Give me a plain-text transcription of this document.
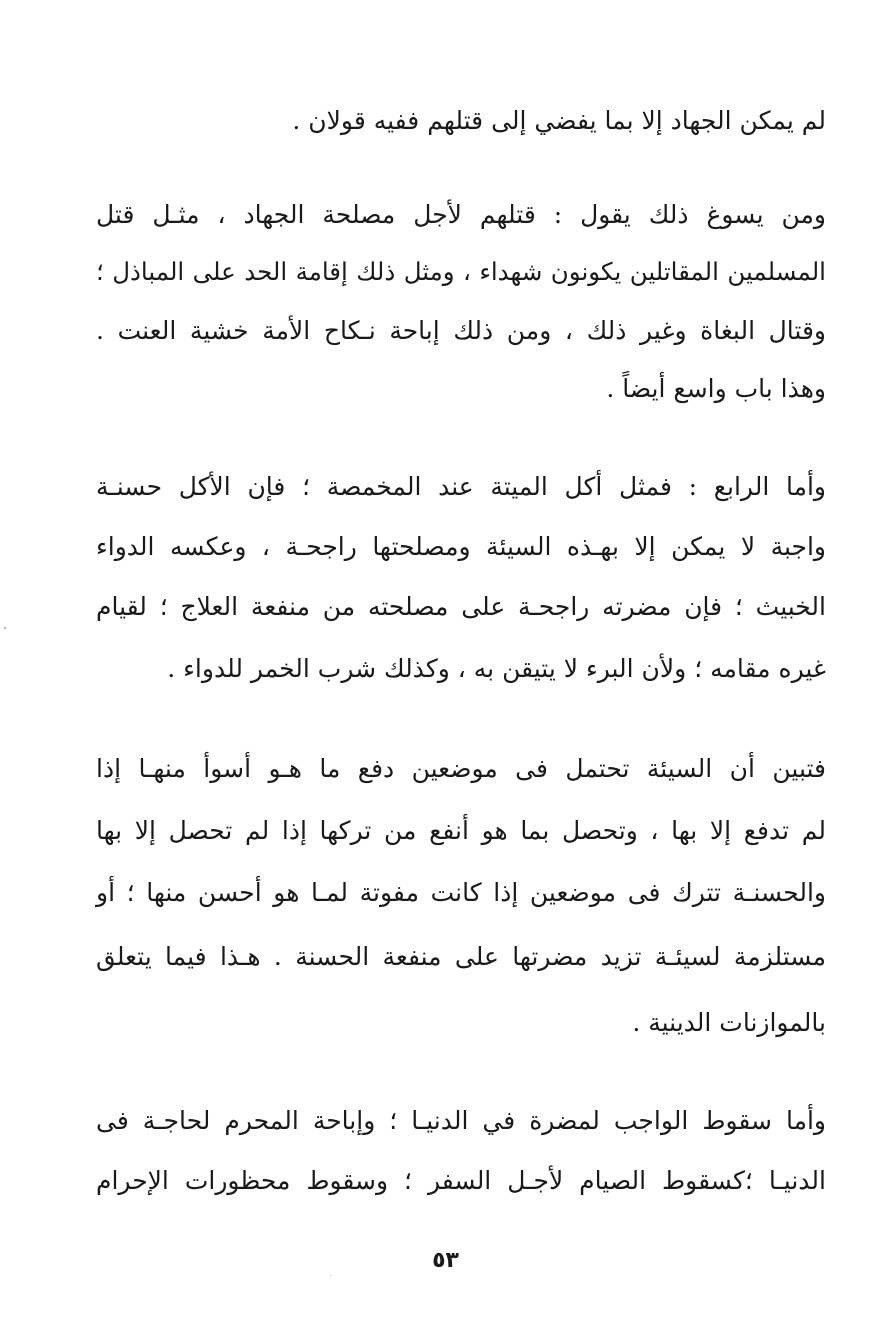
لم يمكن الجهاد إلا بما يفضي إلى قتلهم ففيه قولان .
ومن يسوغ ذلك يقول : قتلهم لأجل مصلحة الجهاد ، مثـل قتل
المسلمين المقاتلين يكونون شهداء ، ومثل ذلك إقامة الحد على المباذل ؛
وقتال البغاة وغير ذلك ، ومن ذلك إباحة نـكاح الأمة خشية العنت .
وهذا باب واسع أيضاً .
وأما الرابع : فمثل أكل الميتة عند المخمصة ؛ فإن الأكل حسنـة
واجبة لا يمكن إلا بهـذه السيئة ومصلحتها راجحـة ، وعكسه الدواء
الخبيث ؛ فإن مضرته راجحـة على مصلحته من منفعة العلاج ؛ لقيام
غيره مقامه ؛ ولأن البرء لا يتيقن به ، وكذلك شرب الخمر للدواء .
فتبين أن السيئة تحتمل فى موضعين دفع ما هـو أسوأ منهـا إذا
لم تدفع إلا بها ، وتحصل بما هو أنفع من تركها إذا لم تحصل إلا بها
والحسنـة تترك فى موضعين إذا كانت مفوتة لمـا هو أحسن منها ؛ أو
مستلزمة لسيئـة تزيد مضرتها على منفعة الحسنة . هـذا فيما يتعلق
بالموازنات الدينية .
وأما سقوط الواجب لمضرة في الدنيـا ؛ وإباحة المحرم لحاجـة فى
الدنيـا ؛كسقوط الصيام لأجـل السفر ؛ وسقوط محظورات الإحرام
٥٣
